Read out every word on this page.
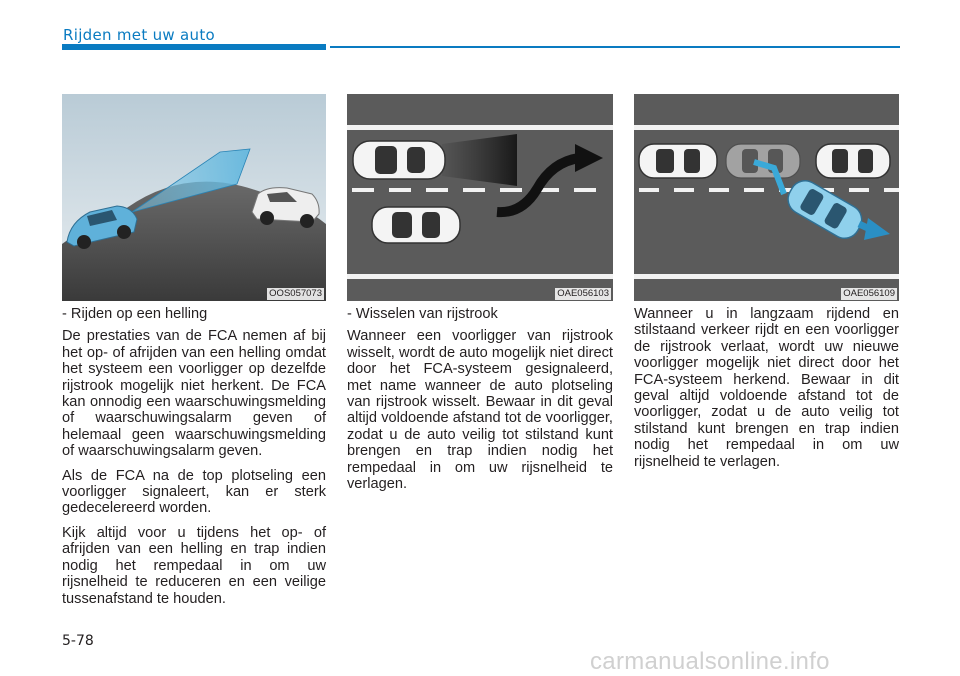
Rijden met uw auto
OOS057073	OAE056103	OAE056109

- Rijden op een helling

De prestaties van de FCA nemen af bij het op- of afrijden van een helling omdat het systeem een voorligger op dezelfde rijstrook mogelijk niet herkent. De FCA kan onnodig een waarschuwingsmelding of waarschuwingsalarm geven of helemaal geen waarschuwingsmelding of waarschuwingsalarm geven.

Als de FCA na de top plotseling een voorligger signaleert, kan er sterk gedecelereerd worden.

Kijk altijd voor u tijdens het op- of afrijden van een helling en trap indien nodig het rempedaal in om uw rijsnelheid te reduceren en een veilige tussenafstand te houden.

- Wisselen van rijstrook

Wanneer een voorligger van rijstrook wisselt, wordt de auto mogelijk niet direct door het FCA-systeem gesignaleerd, met name wanneer de auto plotseling van rijstrook wisselt. Bewaar in dit geval altijd voldoende afstand tot de voorligger, zodat u de auto veilig tot stilstand kunt brengen en trap indien nodig het rempedaal in om uw rijsnelheid te verlagen.

Wanneer u in langzaam rijdend en stilstaand verkeer rijdt en een voorligger de rijstrook verlaat, wordt uw nieuwe voorligger mogelijk niet direct door het FCA-systeem herkend. Bewaar in dit geval altijd voldoende afstand tot de voorligger, zodat u de auto veilig tot stilstand kunt brengen en trap indien nodig het rempedaal in om uw rijsnelheid te verlagen.

5-78
carmanualsonline.info
